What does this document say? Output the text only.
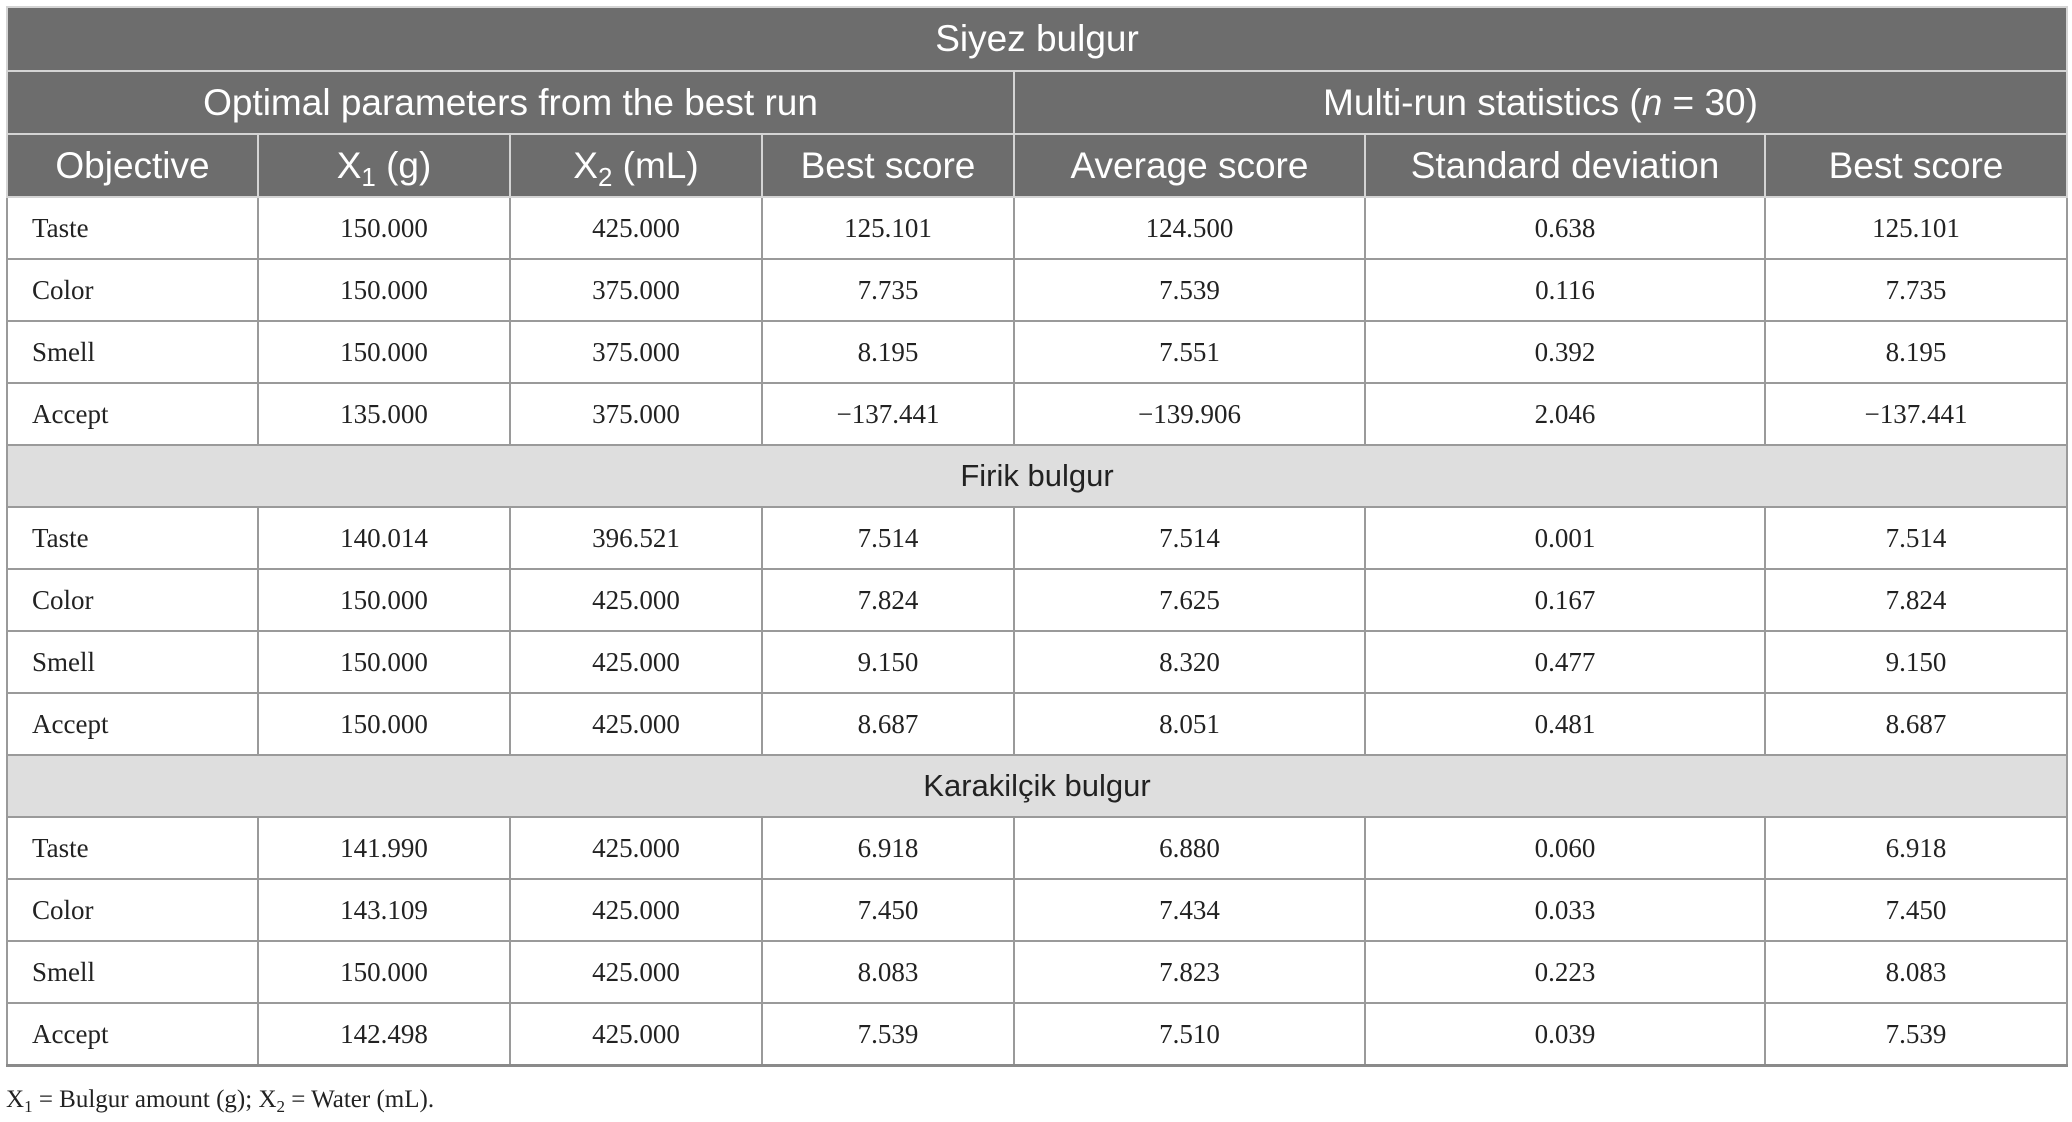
Siyez bulgur						
Optimal parameters from the best run				Multi-run statistics (n = 30)		
Objective	$X_1$ (g)	$X_2$ (mL)	Best score	Average score	Standard deviation	Best score
Taste	150.000	425.000	125.101	124.500	0.638	125.101
Color	150.000	375.000	7.735	7.539	0.116	7.735
Smell	150.000	375.000	8.195	7.551	0.392	8.195
Accept	135.000	375.000	−137.441	−139.906	2.046	−137.441
Firik bulgur						
Taste	140.014	396.521	7.514	7.514	0.001	7.514
Color	150.000	425.000	7.824	7.625	0.167	7.824
Smell	150.000	425.000	9.150	8.320	0.477	9.150
Accept	150.000	425.000	8.687	8.051	0.481	8.687
Karakilçik bulgur						
Taste	141.990	425.000	6.918	6.880	0.060	6.918
Color	143.109	425.000	7.450	7.434	0.033	7.450
Smell	150.000	425.000	8.083	7.823	0.223	8.083
Accept	142.498	425.000	7.539	7.510	0.039	7.539
$X_1$ = Bulgur amount (g); $X_2$ = Water (mL).
